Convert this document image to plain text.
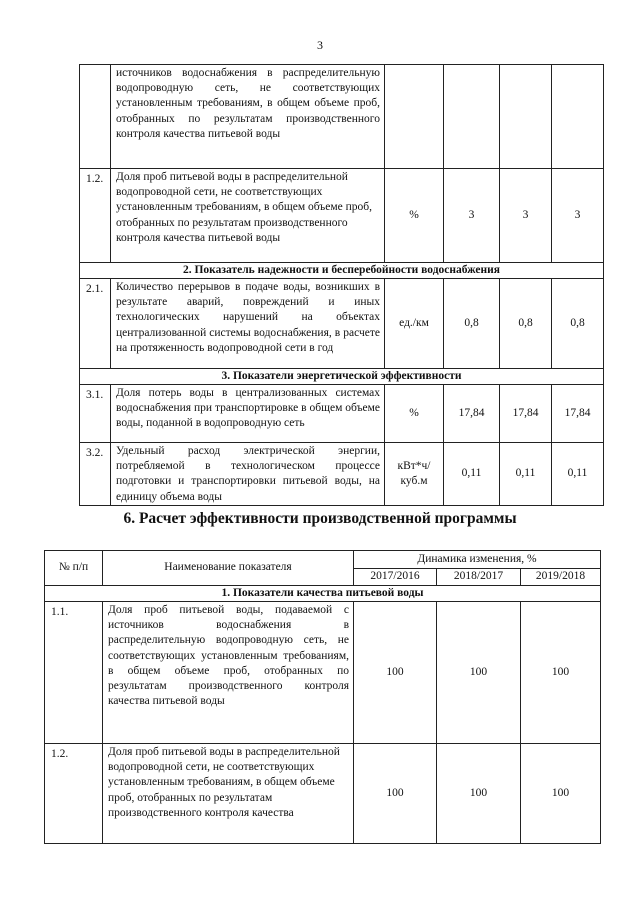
3
	источников водоснабжения в распределительную водопроводную сеть, не соответствующих установленным требованиям, в общем объеме проб, отобранных по результатам производственного контроля качества питьевой воды				
1.2.	Доля проб питьевой воды в распределительной водопроводной сети, не соответствующих установленным требованиям, в общем объеме проб, отобранных по результатам производственного контроля качества питьевой воды	%	3	3	3
2. Показатель надежности и бесперебойности водоснабжения					
2.1.	Количество перерывов в подаче воды, возникших в результате аварий, повреждений и иных технологических нарушений на объектах централизованной системы водоснабжения, в расчете на протяженность водопроводной сети в год	ед./км	0,8	0,8	0,8
3. Показатели энергетической эффективности					
3.1.	Доля потерь воды в централизованных системах водоснабжения при транспортировке в общем объеме воды, поданной в водопроводную сеть	%	17,84	17,84	17,84
3.2.	Удельный расход электрической энергии, потребляемой в технологическом процессе подготовки и транспортировки питьевой воды, на единицу объема воды	кВт*ч/ куб.м	0,11	0,11	0,11
6. Расчет эффективности производственной программы
№ п/п	Наименование показателя	Динамика изменения, %		
		2017/2016	2018/2017	2019/2018
1. Показатели качества питьевой воды				
1.1.	Доля проб питьевой воды, подаваемой с источников водоснабжения в распределительную водопроводную сеть, не соответствующих установленным требованиям, в общем объеме проб, отобранных по результатам производственного контроля качества питьевой воды	100	100	100
1.2.	Доля проб питьевой воды в распределительной водопроводной сети, не соответствующих установленным требованиям, в общем объеме проб, отобранных по результатам производственного контроля качества	100	100	100
